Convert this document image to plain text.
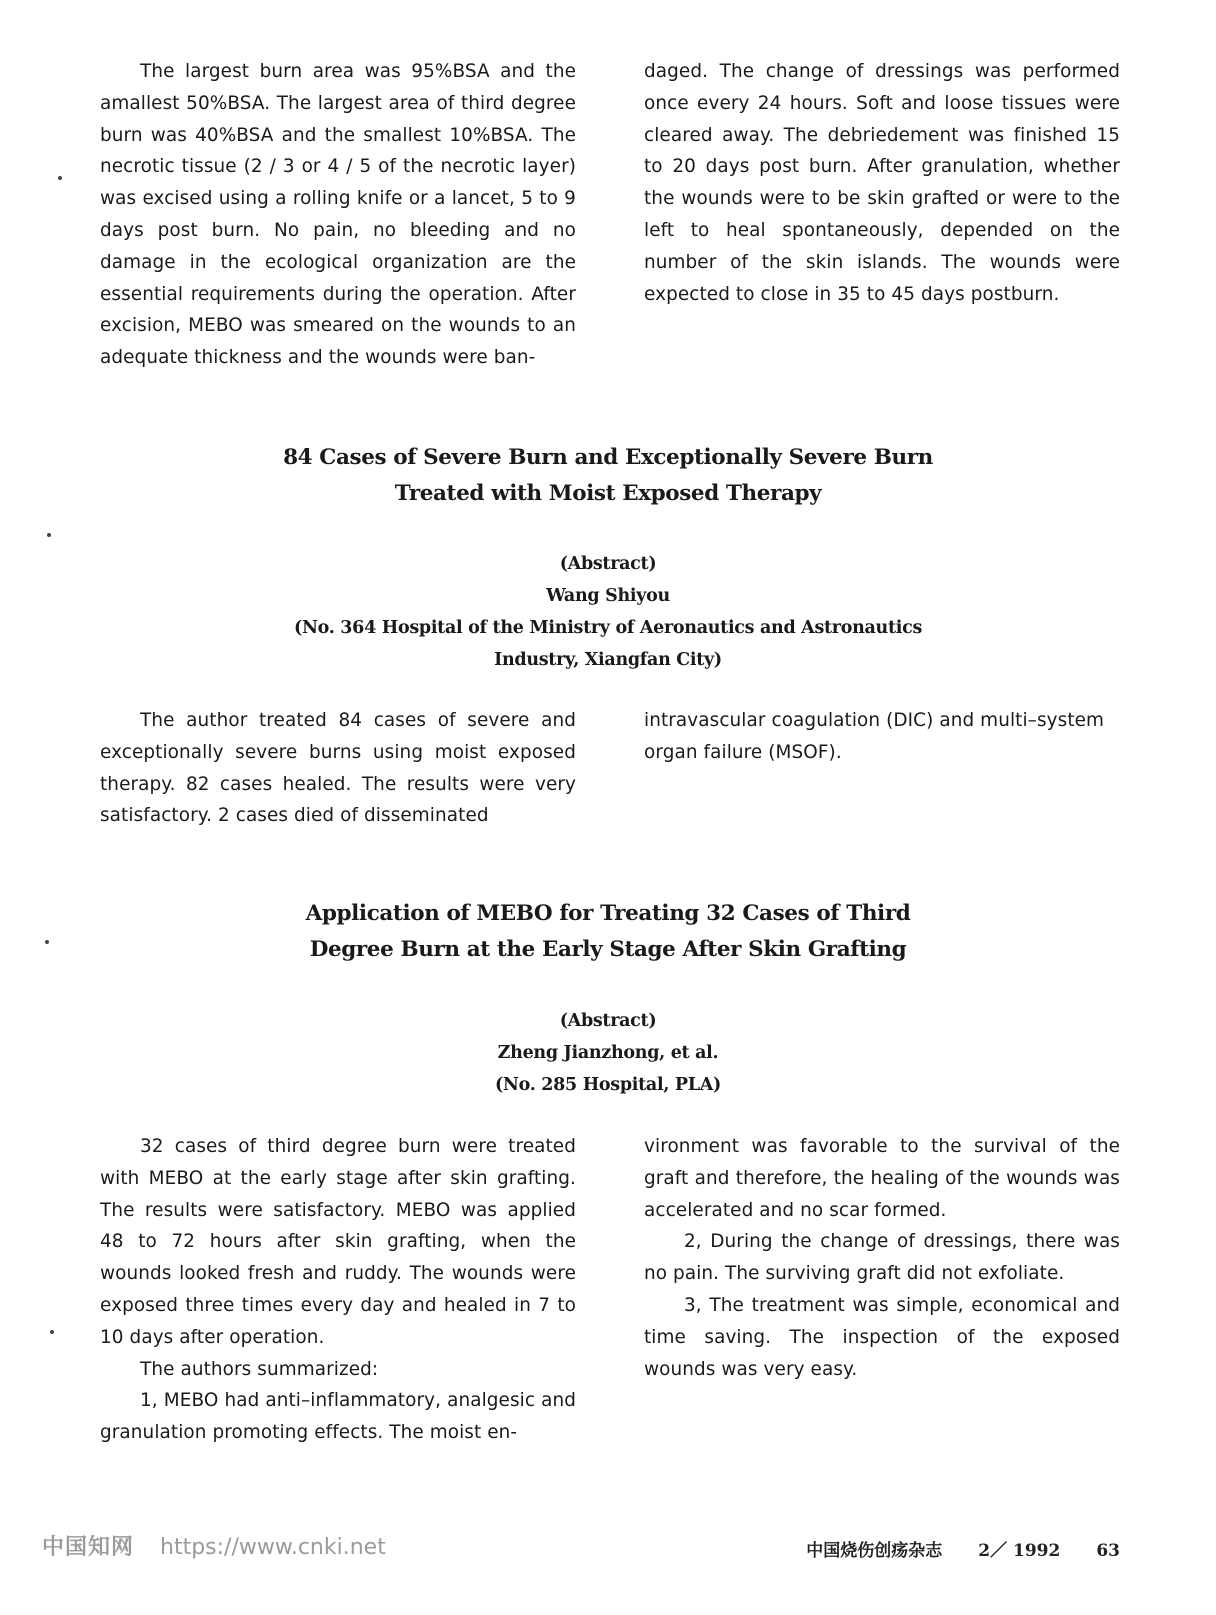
The largest burn area was 95%BSA and the amallest 50%BSA. The largest area of third degree burn was 40%BSA and the smallest 10%BSA. The necrotic tissue (2 / 3 or 4 / 5 of the necrotic layer) was excised using a rolling knife or a lancet, 5 to 9 days post burn. No pain, no bleeding and no damage in the ecological organization are the essential requirements during the operation. After excision, MEBO was smeared on the wounds to an adequate thickness and the wounds were ban-

daged. The change of dressings was performed once every 24 hours. Soft and loose tissues were cleared away. The debriedement was finished 15 to 20 days post burn. After granulation, whether the wounds were to be skin grafted or were to the left to heal spontaneously, depended on the number of the skin islands. The wounds were expected to close in 35 to 45 days postburn.

84 Cases of Severe Burn and Exceptionally Severe Burn
Treated with Moist Exposed Therapy
(Abstract)
Wang Shiyou
(No. 364 Hospital of the Ministry of Aeronautics and Astronautics
Industry, Xiangfan City)

The author treated 84 cases of severe and exceptionally severe burns using moist exposed therapy. 82 cases healed. The results were very satisfactory. 2 cases died of disseminated

intravascular coagulation (DIC) and multi–system organ failure (MSOF).

Application of MEBO for Treating 32 Cases of Third
Degree Burn at the Early Stage After Skin Grafting
(Abstract)
Zheng Jianzhong, et al.
(No. 285 Hospital, PLA)

32 cases of third degree burn were treated with MEBO at the early stage after skin grafting. The results were satisfactory. MEBO was applied 48 to 72 hours after skin grafting, when the wounds looked fresh and ruddy. The wounds were exposed three times every day and healed in 7 to 10 days after operation.

The authors summarized:

1, MEBO had anti–inflammatory, analgesic and granulation promoting effects. The moist en-

vironment was favorable to the survival of the graft and therefore, the healing of the wounds was accelerated and no scar formed.

2, During the change of dressings, there was no pain. The surviving graft did not exfoliate.

3, The treatment was simple, economical and time saving. The inspection of the exposed wounds was very easy.

中国知网 https://www.cnki.net	中国烧伤创疡杂志 2／ 1992 63
